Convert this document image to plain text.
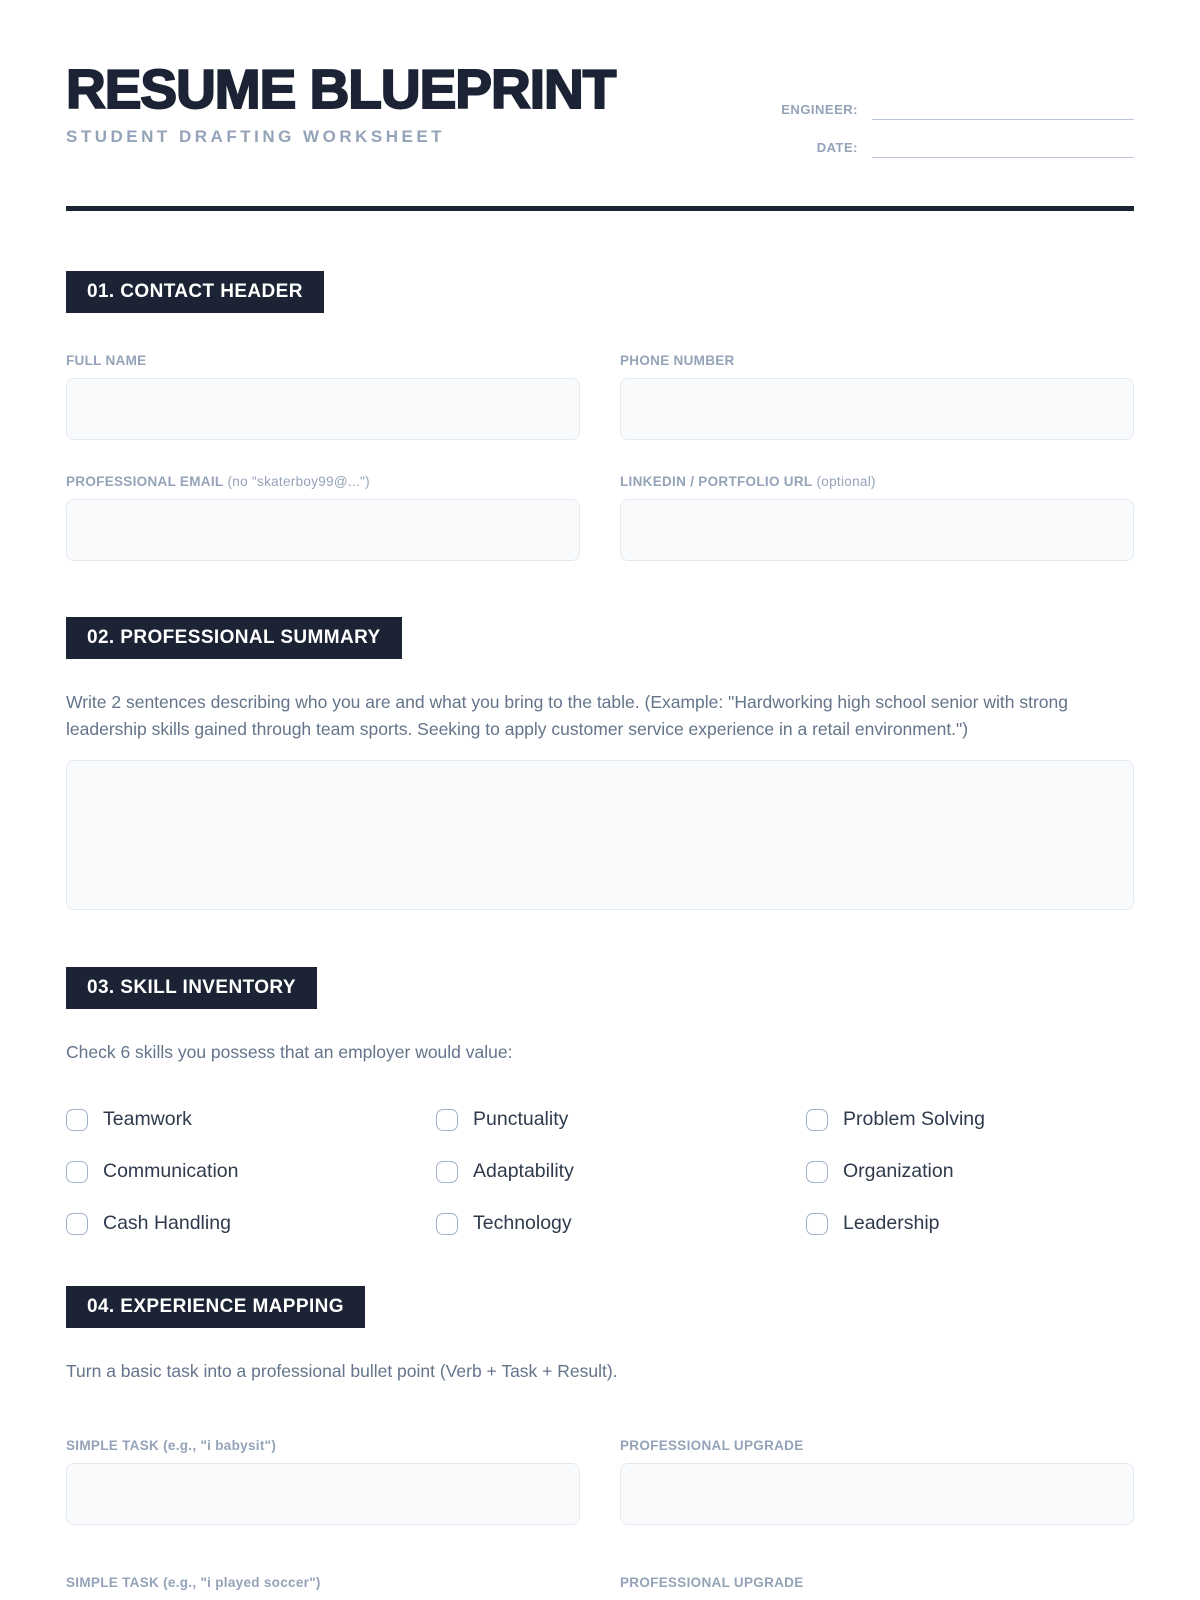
RESUME BLUEPRINT
STUDENT DRAFTING WORKSHEET
ENGINEER:
DATE:
01. CONTACT HEADER
FULL NAME	PHONE NUMBER
PROFESSIONAL EMAIL (no "skaterboy99@...")	LINKEDIN / PORTFOLIO URL (optional)
02. PROFESSIONAL SUMMARY
Write 2 sentences describing who you are and what you bring to the table. (Example: "Hardworking high school senior with strong leadership skills gained through team sports. Seeking to apply customer service experience in a retail environment.")
03. SKILL INVENTORY
Check 6 skills you possess that an employer would value:
Teamwork	Punctuality	Problem Solving
Communication	Adaptability	Organization
Cash Handling	Technology	Leadership
04. EXPERIENCE MAPPING
Turn a basic task into a professional bullet point (Verb + Task + Result).
SIMPLE TASK (e.g., "i babysit")	PROFESSIONAL UPGRADE
SIMPLE TASK (e.g., "i played soccer")	PROFESSIONAL UPGRADE
